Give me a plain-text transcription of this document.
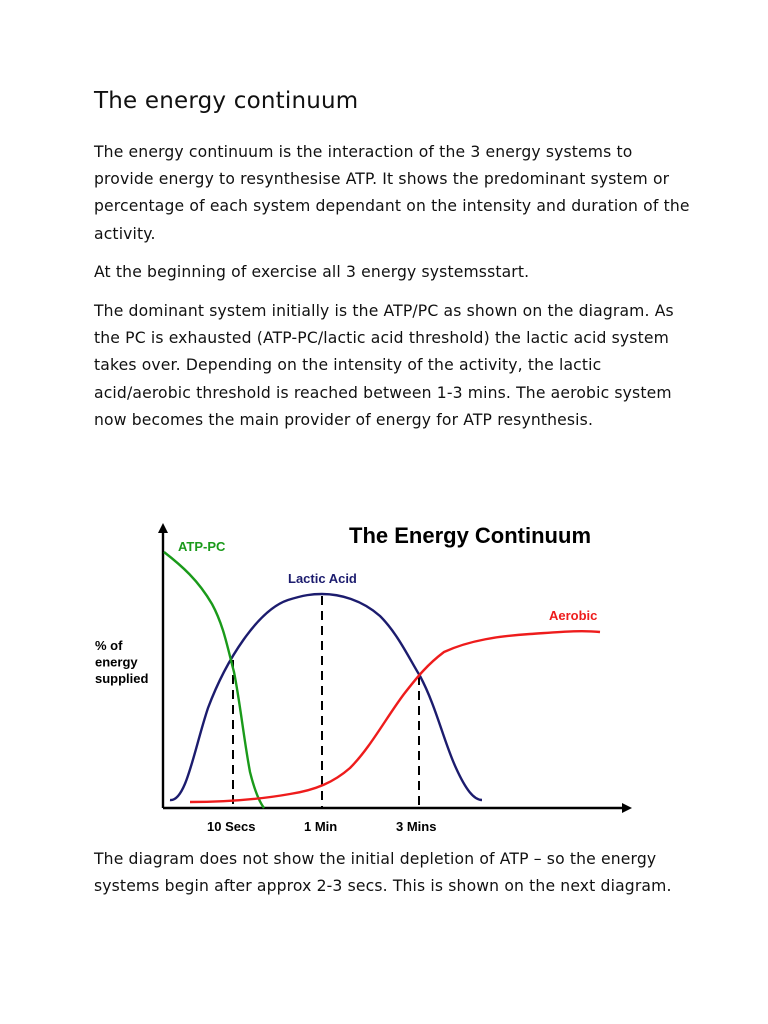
The energy continuum

The energy continuum is the interaction of the 3 energy systems to provide energy to resynthesise ATP. It shows the predominant system or percentage of each system dependant on the intensity and duration of the activity.

At the beginning of exercise all 3 energy systemsstart.

The dominant system initially is the ATP/PC as shown on the diagram. As the PC is exhausted (ATP-PC/lactic acid threshold) the lactic acid system takes over. Depending on the intensity of the activity, the lactic acid/aerobic threshold is reached between 1-3 mins. The aerobic system now becomes the main provider of energy for ATP resynthesis.

The Energy Continuum
ATP-PC
Lactic Acid
Aerobic
% of energy supplied
10 Secs	1 Min	3 Mins

The diagram does not show the initial depletion of ATP – so the energy systems begin after approx 2-3 secs. This is shown on the next diagram.
